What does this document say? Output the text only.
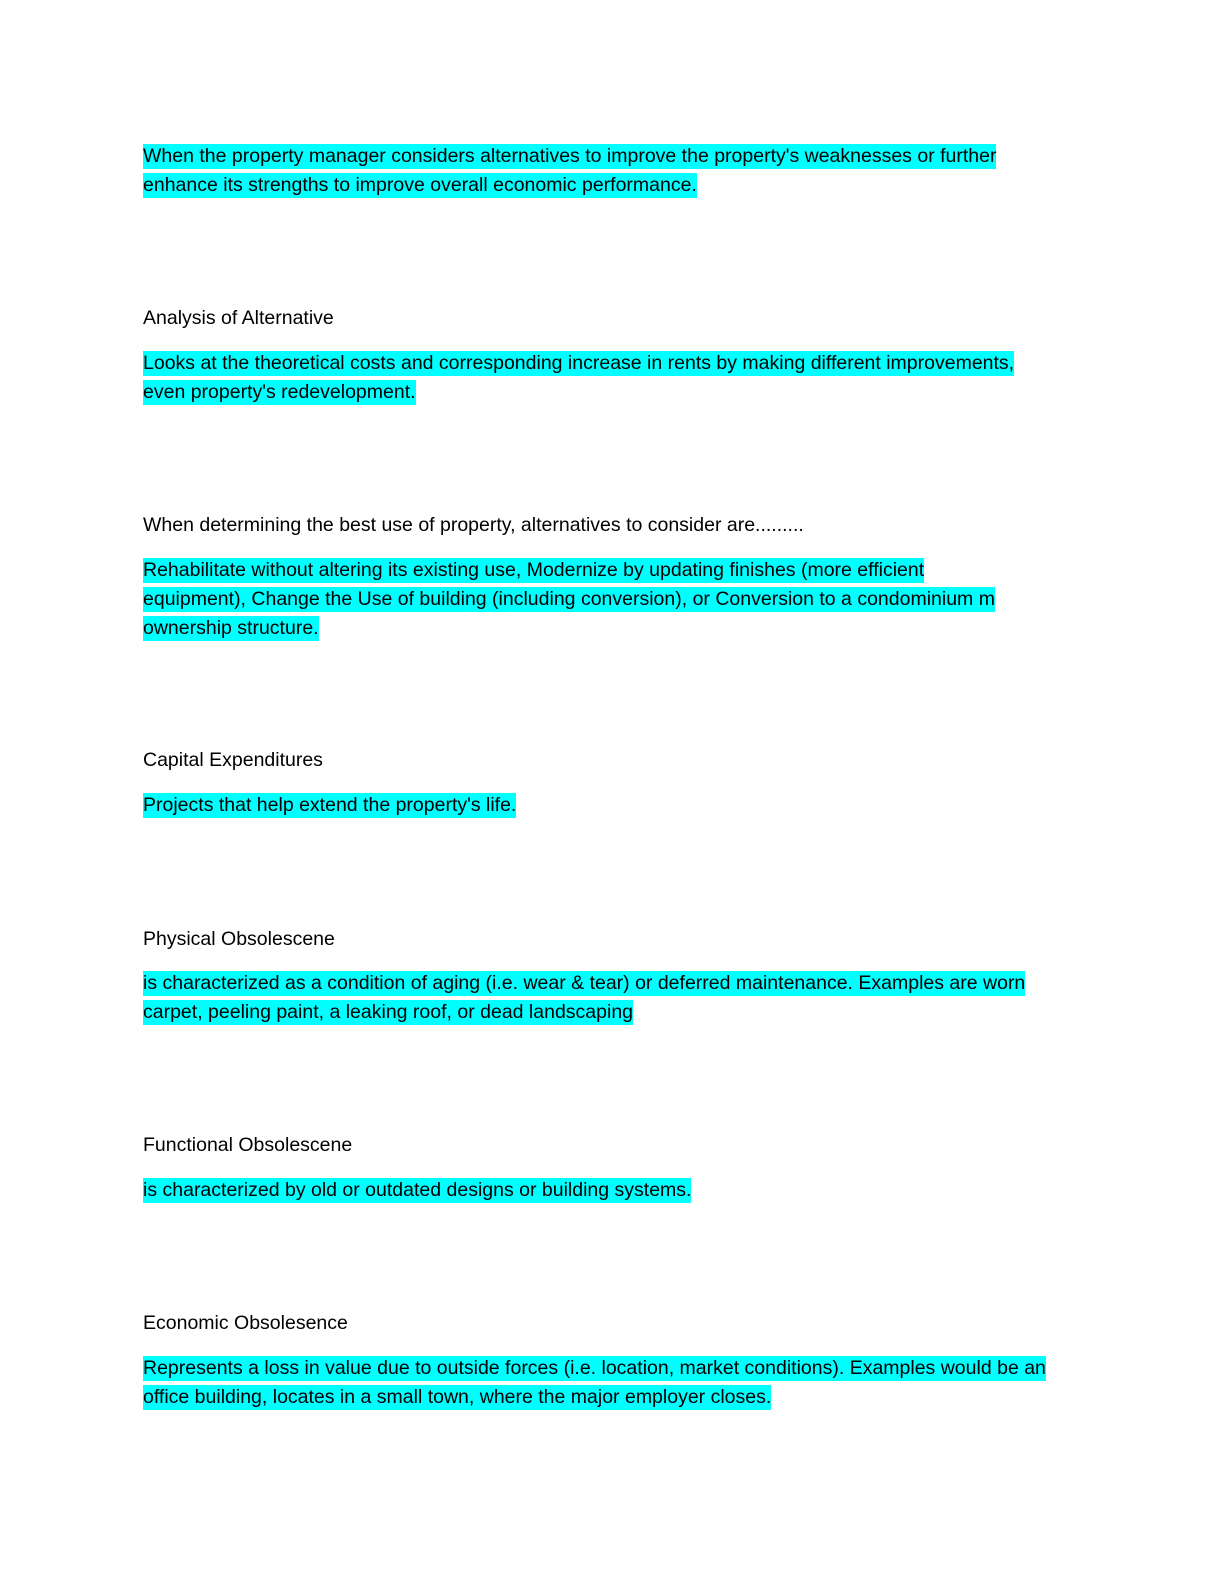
When the property manager considers alternatives to improve the property's weaknesses or further enhance its strengths to improve overall economic performance.
Analysis of Alternative
Looks at the theoretical costs and corresponding increase in rents by making different improvements, even property's redevelopment.
When determining the best use of property, alternatives to consider are.........
Rehabilitate without altering its existing use, Modernize by updating finishes (more efficient equipment), Change the Use of building (including conversion), or Conversion to a condominium m ownership structure.
Capital Expenditures
Projects that help extend the property's life.
Physical Obsolescene
is characterized as a condition of aging (i.e. wear & tear) or deferred maintenance. Examples are worn carpet, peeling paint, a leaking roof, or dead landscaping
Functional Obsolescene
is characterized by old or outdated designs or building systems.
Economic Obsolesence
Represents a loss in value due to outside forces (i.e. location, market conditions). Examples would be an office building, locates in a small town, where the major employer closes.
